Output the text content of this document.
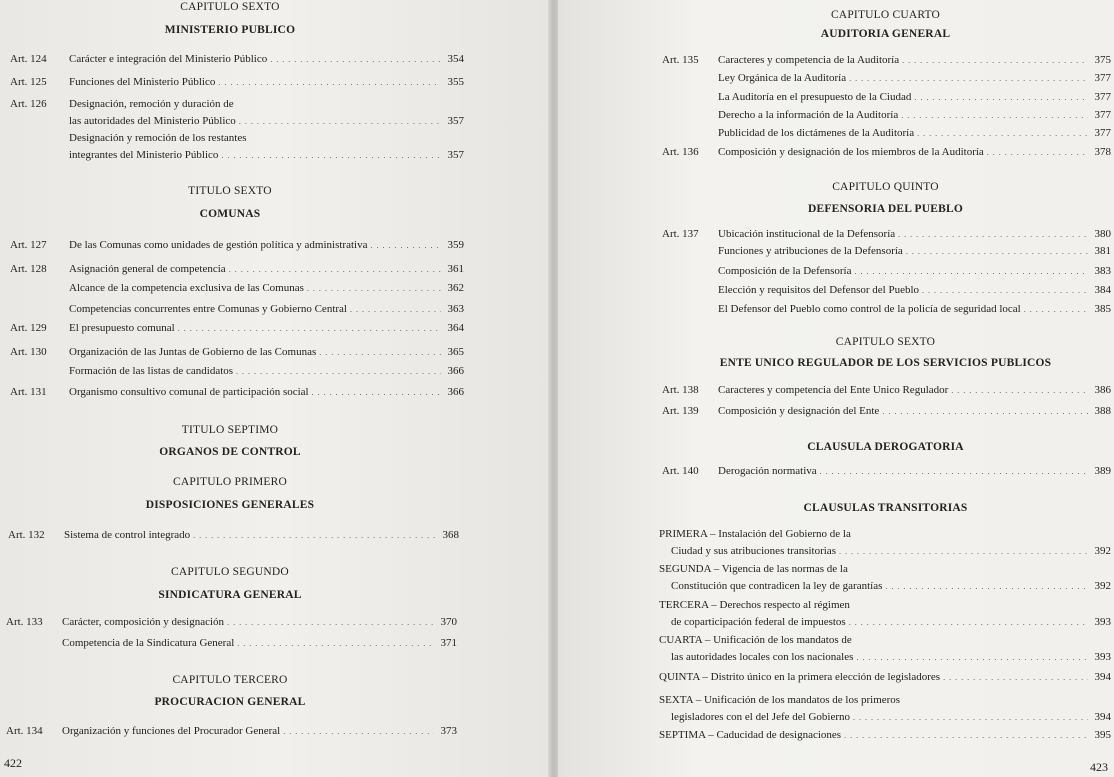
CAPITULO SEXTO
MINISTERIO PUBLICO
Art. 124 Carácter e integración del Ministerio Público . . .	354
Art. 125 Funciones del Ministerio Público . . .	355
Art. 126 Designación, remoción y duración de
las autoridades del Ministerio Público . . .	357
Designación y remoción de los restantes
integrantes del Ministerio Público . . .	357
TITULO SEXTO
COMUNAS
Art. 127 De las Comunas como unidades de gestión política y administrativa . . .	359
Art. 128 Asignación general de competencia . . .	361
Alcance de la competencia exclusiva de las Comunas . . .	362
Competencias concurrentes entre Comunas y Gobierno Central . . .	363
Art. 129 El presupuesto comunal . . .	364
Art. 130 Organización de las Juntas de Gobierno de las Comunas . . .	365
Formación de las listas de candidatos . . .	366
Art. 131 Organismo consultivo comunal de participación social . . .	366
TITULO SEPTIMO
ORGANOS DE CONTROL
CAPITULO PRIMERO
DISPOSICIONES GENERALES
Art. 132 Sistema de control integrado . . .	368
CAPITULO SEGUNDO
SINDICATURA GENERAL
Art. 133 Carácter, composición y designación . . .	370
Competencia de la Sindicatura General . . .	371
CAPITULO TERCERO
PROCURACION GENERAL
Art. 134 Organización y funciones del Procurador General . . .	373
422
CAPITULO CUARTO
AUDITORIA GENERAL
Art. 135 Caracteres y competencia de la Auditoría . . .	375
Ley Orgánica de la Auditoría . . .	377
La Auditoría en el presupuesto de la Ciudad . . .	377
Derecho a la información de la Auditoría . . .	377
Publicidad de los dictámenes de la Auditoría . . .	377
Art. 136 Composición y designación de los miembros de la Auditoría . . .	378
CAPITULO QUINTO
DEFENSORIA DEL PUEBLO
Art. 137 Ubicación institucional de la Defensoría . . .	380
Funciones y atribuciones de la Defensoría . . .	381
Composición de la Defensoría . . .	383
Elección y requisitos del Defensor del Pueblo . . .	384
El Defensor del Pueblo como control de la policía de seguridad local . . .	385
CAPITULO SEXTO
ENTE UNICO REGULADOR DE LOS SERVICIOS PUBLICOS
Art. 138 Caracteres y competencia del Ente Unico Regulador . . .	386
Art. 139 Composición y designación del Ente . . .	388
CLAUSULA DEROGATORIA
Art. 140 Derogación normativa . . .	389
CLAUSULAS TRANSITORIAS
PRIMERA – Instalación del Gobierno de la
Ciudad y sus atribuciones transitorias . . .	392
SEGUNDA – Vigencia de las normas de la
Constitución que contradicen la ley de garantías . . .	392
TERCERA – Derechos respecto al régimen
de coparticipación federal de impuestos . . .	393
CUARTA – Unificación de los mandatos de
las autoridades locales con los nacionales . . .	393
QUINTA – Distrito único en la primera elección de legisladores . . .	394
SEXTA – Unificación de los mandatos de los primeros
legisladores con el del Jefe del Gobierno . . .	394
SEPTIMA – Caducidad de designaciones . . .	395
423
